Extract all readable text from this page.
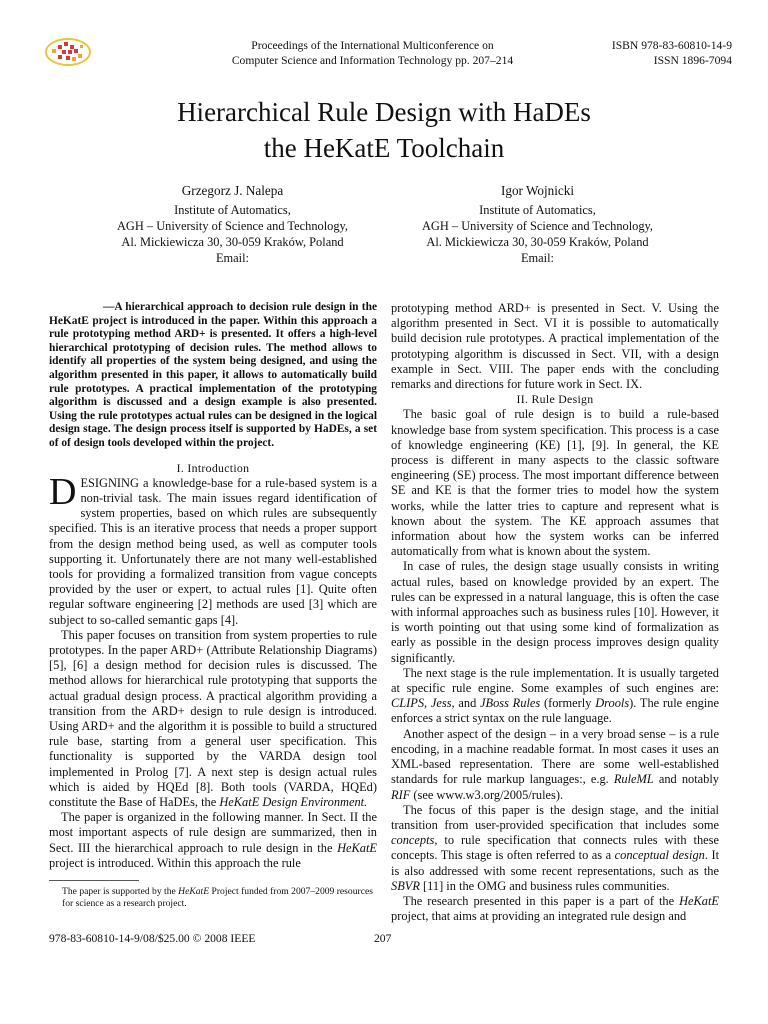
Proceedings of the International Multiconference on
Computer Science and Information Technology pp. 207–214
ISBN 978-83-60810-14-9
ISSN 1896-7094
Hierarchical Rule Design with HaDEs
the HeKatE Toolchain
Grzegorz J. Nalepa
Institute of Automatics,
AGH – University of Science and Technology,
Al. Mickiewicza 30, 30-059 Kraków, Poland
Email:
Igor Wojnicki
Institute of Automatics,
AGH – University of Science and Technology,
Al. Mickiewicza 30, 30-059 Kraków, Poland
Email:

—A hierarchical approach to decision rule design in the HeKatE project is introduced in the paper. Within this approach a rule prototyping method ARD+ is presented. It offers a high-level hierarchical prototyping of decision rules. The method allows to identify all properties of the system being designed, and using the algorithm presented in this paper, it allows to automatically build rule prototypes. A practical implementation of the prototyping algorithm is discussed and a design example is also presented. Using the rule prototypes actual rules can be designed in the logical design stage. The design process itself is supported by HaDEs, a set of of design tools developed within the project.

I. Introduction

DESIGNING a knowledge-base for a rule-based system is a non-trivial task. The main issues regard identification of system properties, based on which rules are subsequently specified. This is an iterative process that needs a proper support from the design method being used, as well as computer tools supporting it. Unfortunately there are not many well-established tools for providing a formalized transition from vague concepts provided by the user or expert, to actual rules [1]. Quite often regular software engineering [2] methods are used [3] which are subject to so-called semantic gaps [4].

This paper focuses on transition from system properties to rule prototypes. In the paper ARD+ (Attribute Relationship Diagrams) [5], [6] a design method for decision rules is discussed. The method allows for hierarchical rule prototyping that supports the actual gradual design process. A practical algorithm providing a transition from the ARD+ design to rule design is introduced. Using ARD+ and the algorithm it is possible to build a structured rule base, starting from a general user specification. This functionality is supported by the VARDA design tool implemented in Prolog [7]. A next step is design actual rules which is aided by HQEd [8]. Both tools (VARDA, HQEd) constitute the Base of HaDEs, the HeKatE Design Environment.

The paper is organized in the following manner. In Sect. II the most important aspects of rule design are summarized, then in Sect. III the hierarchical approach to rule design in the HeKatE project is introduced. Within this approach the rule

The paper is supported by the HeKatE Project funded from 2007–2009 resources for science as a research project.

prototyping method ARD+ is presented in Sect. V. Using the algorithm presented in Sect. VI it is possible to automatically build decision rule prototypes. A practical implementation of the prototyping algorithm is discussed in Sect. VII, with a design example in Sect. VIII. The paper ends with the concluding remarks and directions for future work in Sect. IX.

II. Rule Design

The basic goal of rule design is to build a rule-based knowledge base from system specification. This process is a case of knowledge engineering (KE) [1], [9]. In general, the KE process is different in many aspects to the classic software engineering (SE) process. The most important difference between SE and KE is that the former tries to model how the system works, while the latter tries to capture and represent what is known about the system. The KE approach assumes that information about how the system works can be inferred automatically from what is known about the system.

In case of rules, the design stage usually consists in writing actual rules, based on knowledge provided by an expert. The rules can be expressed in a natural language, this is often the case with informal approaches such as business rules [10]. However, it is worth pointing out that using some kind of formalization as early as possible in the design process improves design quality significantly.

The next stage is the rule implementation. It is usually targeted at specific rule engine. Some examples of such engines are: CLIPS, Jess, and JBoss Rules (formerly Drools). The rule engine enforces a strict syntax on the rule language.

Another aspect of the design – in a very broad sense – is a rule encoding, in a machine readable format. In most cases it uses an XML-based representation. There are some well-established standards for rule markup languages:, e.g. RuleML and notably RIF (see www.w3.org/2005/rules).

The focus of this paper is the design stage, and the initial transition from user-provided specification that includes some concepts, to rule specification that connects rules with these concepts. This stage is often referred to as a conceptual design. It is also addressed with some recent representations, such as the SBVR [11] in the OMG and business rules communities.

The research presented in this paper is a part of the HeKatE project, that aims at providing an integrated rule design and

978-83-60810-14-9/08/$25.00 © 2008 IEEE	207
